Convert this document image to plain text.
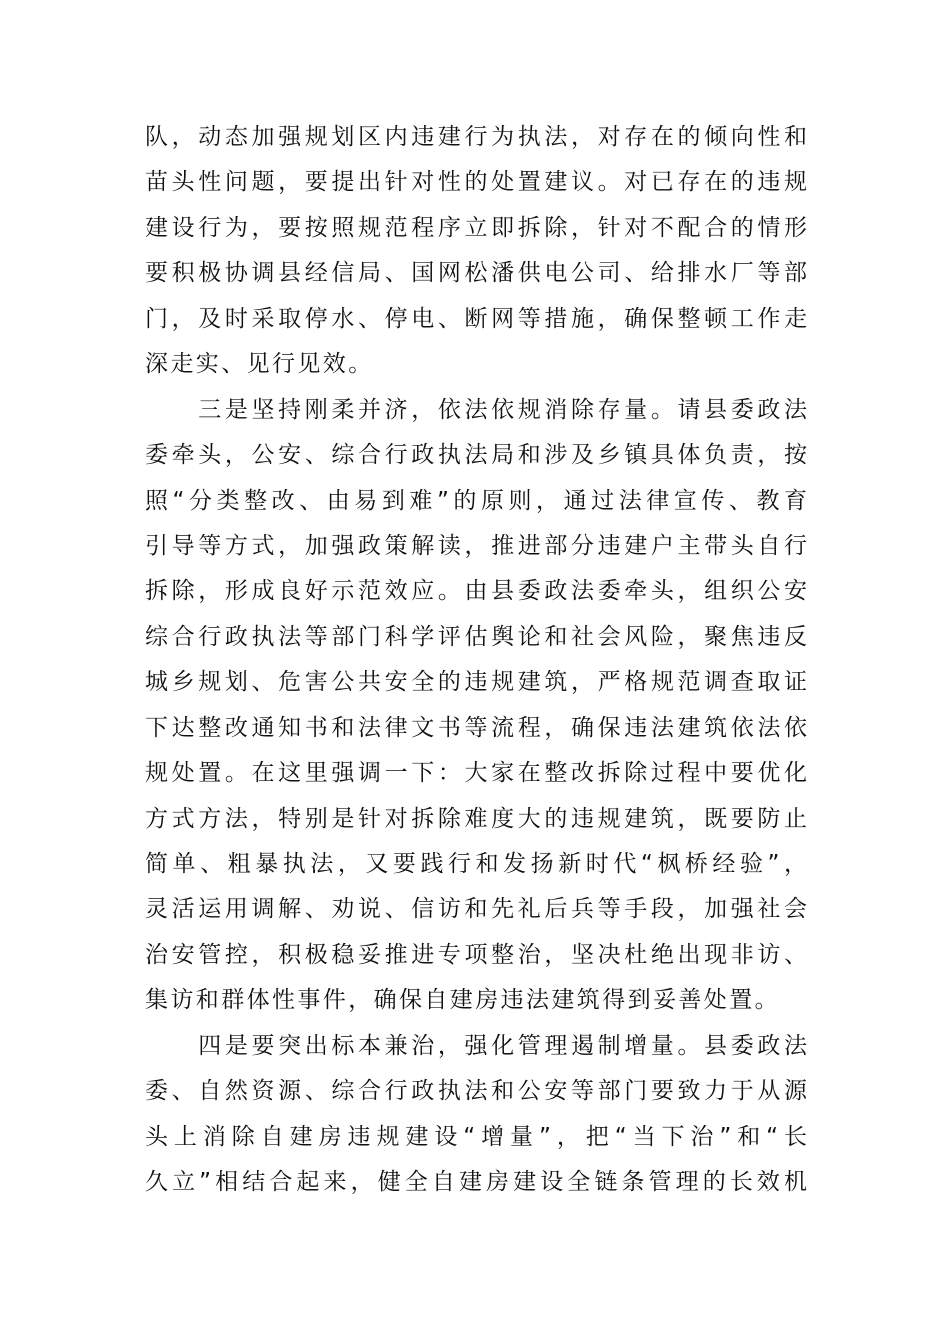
队，动态加强规划区内违建行为执法，对存在的倾向性和
苗头性问题，要提出针对性的处置建议。对已存在的违规
建设行为，要按照规范程序立即拆除，针对不配合的情形
要积极协调县经信局、国网松潘供电公司、给排水厂等部
门，及时采取停水、停电、断网等措施，确保整顿工作走
深走实、见行见效。
　　三是坚持刚柔并济，依法依规消除存量。请县委政法
委牵头，公安、综合行政执法局和涉及乡镇具体负责，按
照“分类整改、由易到难”的原则，通过法律宣传、教育
引导等方式，加强政策解读，推进部分违建户主带头自行
拆除，形成良好示范效应。由县委政法委牵头，组织公安
综合行政执法等部门科学评估舆论和社会风险，聚焦违反
城乡规划、危害公共安全的违规建筑，严格规范调查取证
下达整改通知书和法律文书等流程，确保违法建筑依法依
规处置。在这里强调一下：大家在整改拆除过程中要优化
方式方法，特别是针对拆除难度大的违规建筑，既要防止
简单、粗暴执法，又要践行和发扬新时代“枫桥经验”，
灵活运用调解、劝说、信访和先礼后兵等手段，加强社会
治安管控，积极稳妥推进专项整治，坚决杜绝出现非访、
集访和群体性事件，确保自建房违法建筑得到妥善处置。
　　四是要突出标本兼治，强化管理遏制增量。县委政法
委、自然资源、综合行政执法和公安等部门要致力于从源
头上消除自建房违规建设“增量”，把“当下治”和“长
久立”相结合起来，健全自建房建设全链条管理的长效机
